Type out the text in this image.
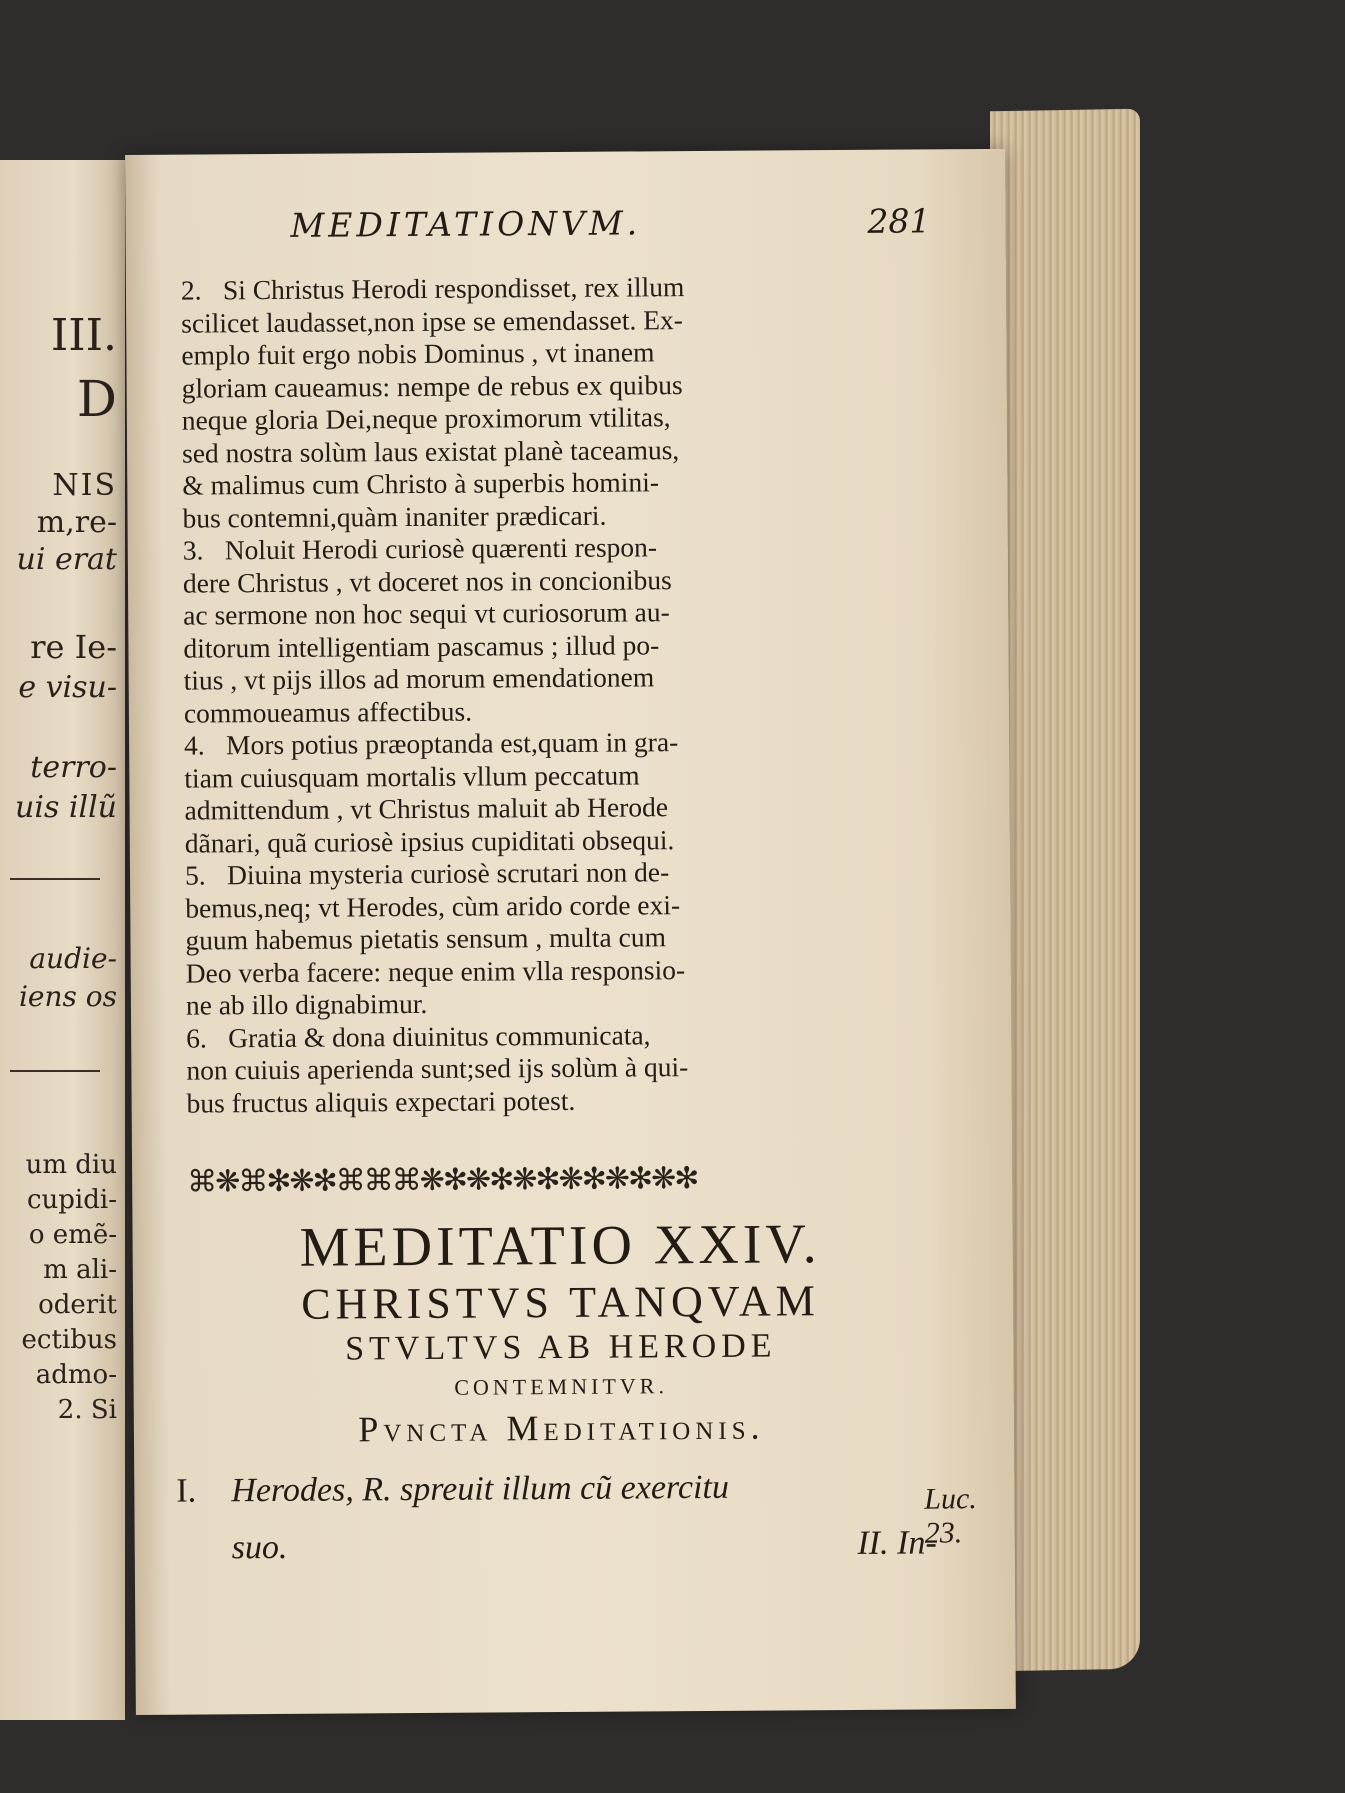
III.
D
NIS
m,re-
ui erat
re Ie-
e visu-
terro-
uis illũ
audie-
iens os
um diu
cupidi-
o emẽ-
m ali-
oderit
ectibus
admo-
2. Si
MEDITATIONVM.	281
2. Si Christus Herodi respondisset, rex illum
scilicet laudasset,non ipse se emendasset. Ex-
emplo fuit ergo nobis Dominus , vt inanem
gloriam caueamus: nempe de rebus ex quibus
neque gloria Dei,neque proximorum vtilitas,
sed nostra solùm laus existat planè taceamus,
& malimus cum Christo à superbis homini-
bus contemni,quàm inaniter prædicari.
3. Noluit Herodi curiosè quærenti respon-
dere Christus , vt doceret nos in concionibus
ac sermone non hoc sequi vt curiosorum au-
ditorum intelligentiam pascamus ; illud po-
tius , vt pijs illos ad morum emendationem
commoueamus affectibus.
4. Mors potius præoptanda est,quam in gra-
tiam cuiusquam mortalis vllum peccatum
admittendum , vt Christus maluit ab Herode
dãnari, quã curiosè ipsius cupiditati obsequi.
5. Diuina mysteria curiosè scrutari non de-
bemus,neq; vt Herodes, cùm arido corde exi-
guum habemus pietatis sensum , multa cum
Deo verba facere: neque enim vlla responsio-
ne ab illo dignabimur.
6. Gratia & dona diuinitus communicata,
non cuiuis aperienda sunt;sed ijs solùm à qui-
bus fructus aliquis expectari potest.
⌘❋⌘✻❋✻⌘⌘⌘❋✻❋✻❋✻❋✻❋✻❋✻
MEDITATIO XXIV.
CHRISTVS TANQVAM
STVLTVS AB HERODE
CONTEMNITVR.
Pvncta Meditationis.
I. Herodes, R. spreuit illum cũ exercitu
suo.	II. In-
Luc. 23.
